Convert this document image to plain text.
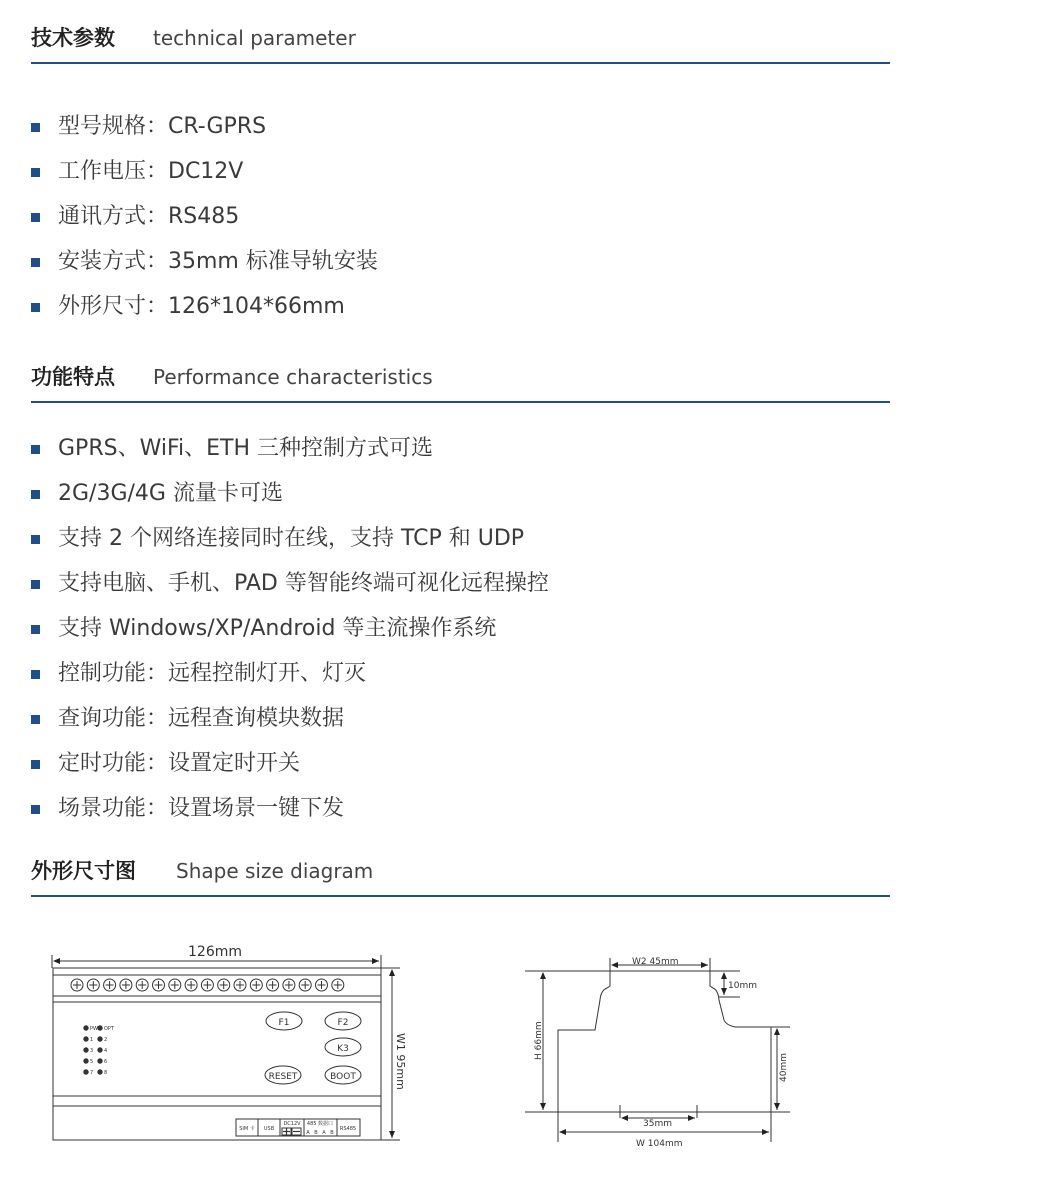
技术参数 technical parameter
型号规格：CR-GPRS
工作电压：DC12V
通讯方式：RS485
安装方式：35mm 标准导轨安装
外形尺寸：126*104*66mm
功能特点 Performance characteristics
GPRS、WiFi、ETH 三种控制方式可选
2G/3G/4G 流量卡可选
支持 2 个网络连接同时在线，支持 TCP 和 UDP
支持电脑、手机、PAD 等智能终端可视化远程操控
支持 Windows/XP/Android 等主流操作系统
控制功能：远程控制灯开、灯灭
查询功能：远程查询模块数据
定时功能：设置定时开关
场景功能：设置场景一键下发
外形尺寸图 Shape size diagram
126mm
W1 95mm
F1	F2
K3
RESET	BOOT
PWR OPT
1 2
3 4
5 6
7 8
SIM 卡 USB
DC12V 485 数据口
RS485
A B A B
W2 45mm
10mm
H 66mm
40mm
35mm
W 104mm
